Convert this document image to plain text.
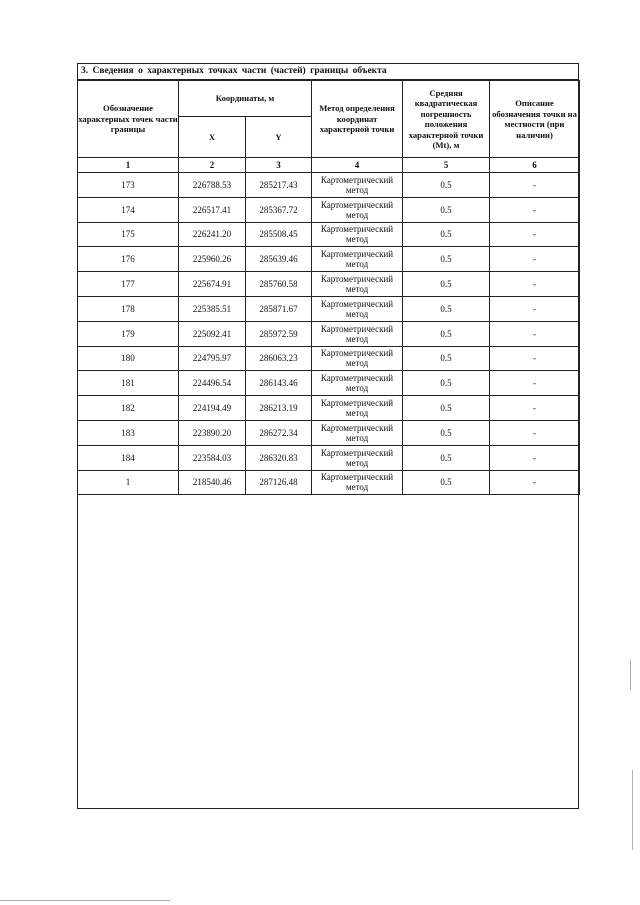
3. Сведения о характерных точках части (частей) границы объекта
Обозначение характерных точек части границы	Координаты, м		Метод определения координат характерной точки	Средняя квадратическая погрешность положения характерной точки (Mt), м	Описание обозначения точки на местности (при наличии)
	X	Y			
1	2	3	4	5	6
173	226788.53	285217.43	Картометрический метод	0.5	-
174	226517.41	285367.72	Картометрический метод	0.5	-
175	226241.20	285508.45	Картометрический метод	0.5	-
176	225960.26	285639.46	Картометрический метод	0.5	-
177	225674.91	285760.58	Картометрический метод	0.5	-
178	225385.51	285871.67	Картометрический метод	0.5	-
179	225092.41	285972.59	Картометрический метод	0.5	-
180	224795.97	286063.23	Картометрический метод	0.5	-
181	224496.54	286143.46	Картометрический метод	0.5	-
182	224194.49	286213.19	Картометрический метод	0.5	-
183	223890.20	286272.34	Картометрический метод	0.5	-
184	223584.03	286320.83	Картометрический метод	0.5	-
1	218540.46	287126.48	Картометрический метод	0.5	-
